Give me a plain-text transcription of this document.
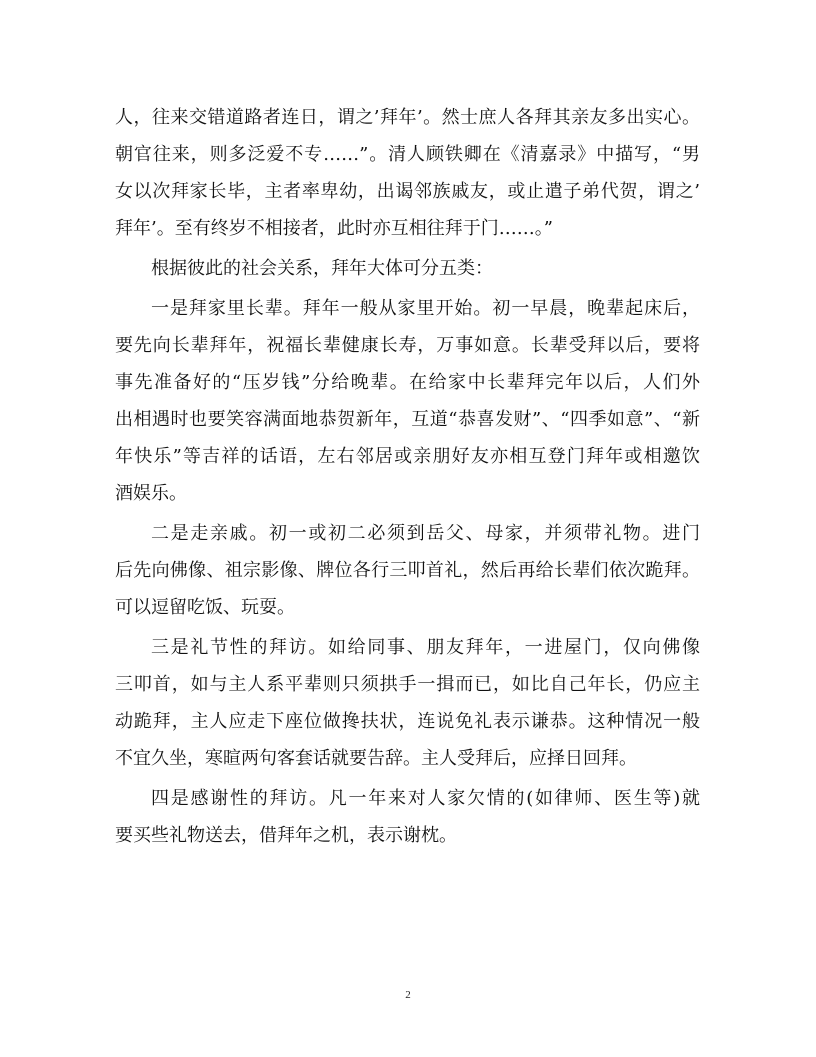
人，往来交错道路者连日，谓之’拜年’。然士庶人各拜其亲友多出实心。
朝官往来，则多泛爱不专……”。清人顾铁卿在《清嘉录》中描写，“男
女以次拜家长毕，主者率卑幼，出谒邻族戚友，或止遣子弟代贺，谓之’
拜年’。至有终岁不相接者，此时亦互相往拜于门……。”
根据彼此的社会关系，拜年大体可分五类：
一是拜家里长辈。拜年一般从家里开始。初一早晨，晚辈起床后，
要先向长辈拜年，祝福长辈健康长寿，万事如意。长辈受拜以后，要将
事先准备好的“压岁钱”分给晚辈。在给家中长辈拜完年以后，人们外
出相遇时也要笑容满面地恭贺新年，互道“恭喜发财”、“四季如意”、“新
年快乐”等吉祥的话语，左右邻居或亲朋好友亦相互登门拜年或相邀饮
酒娱乐。
二是走亲戚。初一或初二必须到岳父、母家，并须带礼物。进门
后先向佛像、祖宗影像、牌位各行三叩首礼，然后再给长辈们依次跪拜。
可以逗留吃饭、玩耍。
三是礼节性的拜访。如给同事、朋友拜年，一进屋门，仅向佛像
三叩首，如与主人系平辈则只须拱手一揖而已，如比自己年长，仍应主
动跪拜，主人应走下座位做搀扶状，连说免礼表示谦恭。这种情况一般
不宜久坐，寒暄两句客套话就要告辞。主人受拜后，应择日回拜。
四是感谢性的拜访。凡一年来对人家欠情的(如律师、医生等)就
要买些礼物送去，借拜年之机，表示谢枕。
2
